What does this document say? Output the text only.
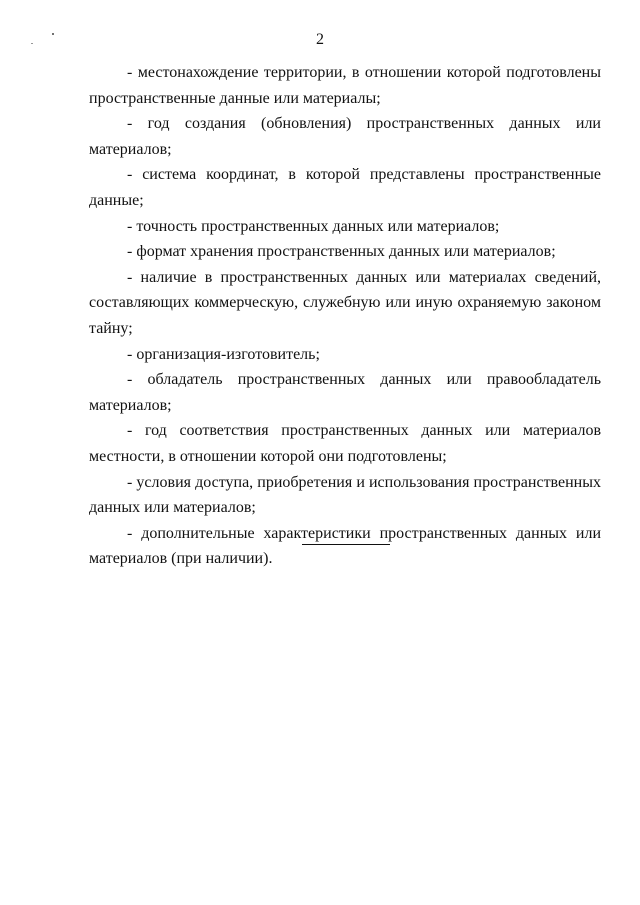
2

- местонахождение территории, в отношении которой подготовлены пространственные данные или материалы;

- год создания (обновления) пространственных данных или материалов;

- система координат, в которой представлены пространственные данные;

- точность пространственных данных или материалов;

- формат хранения пространственных данных или материалов;

- наличие в пространственных данных или материалах сведений, составляющих коммерческую, служебную или иную охраняемую законом тайну;

- организация-изготовитель;

- обладатель пространственных данных или правообладатель материалов;

- год соответствия пространственных данных или материалов местности, в отношении которой они подготовлены;

- условия доступа, приобретения и использования пространственных данных или материалов;

- дополнительные характеристики пространственных данных или материалов (при наличии).
